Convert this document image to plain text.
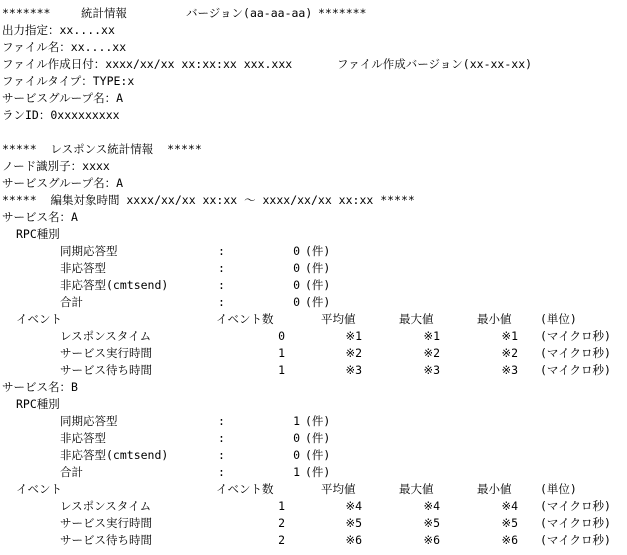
*******	統計情報	バージョン(aa-aa-aa) *******
出力指定：xx....xx
ファイル名：xx....xx
ファイル作成日付：xxxx/xx/xx xx:xx:xx xxx.xxx	ファイル作成バージョン(xx-xx-xx)
ファイルタイプ：TYPE:x
サービスグループ名：A
ランID：0xxxxxxxxx
*****  レスポンス統計情報  *****
ノード識別子：xxxx
サービスグループ名：A
*****  編集対象時間 xxxx/xx/xx xx:xx 〜 xxxx/xx/xx xx:xx *****
サービス名：A
RPC種別
同期応答型	:	0 (件)
非応答型	:	0 (件)
非応答型(cmtsend)	:	0 (件)
合計	:	0 (件)
イベント	イベント数	平均値	最大値	最小値 (単位)
レスポンスタイム	0	※1	※1	※1 (マイクロ秒)
サービス実行時間	1	※2	※2	※2 (マイクロ秒)
サービス待ち時間	1	※3	※3	※3 (マイクロ秒)
サービス名：B
RPC種別
同期応答型	:	1 (件)
非応答型	:	0 (件)
非応答型(cmtsend)	:	0 (件)
合計	:	1 (件)
イベント	イベント数	平均値	最大値	最小値 (単位)
レスポンスタイム	1	※4	※4	※4 (マイクロ秒)
サービス実行時間	2	※5	※5	※5 (マイクロ秒)
サービス待ち時間	2	※6	※6	※6 (マイクロ秒)
